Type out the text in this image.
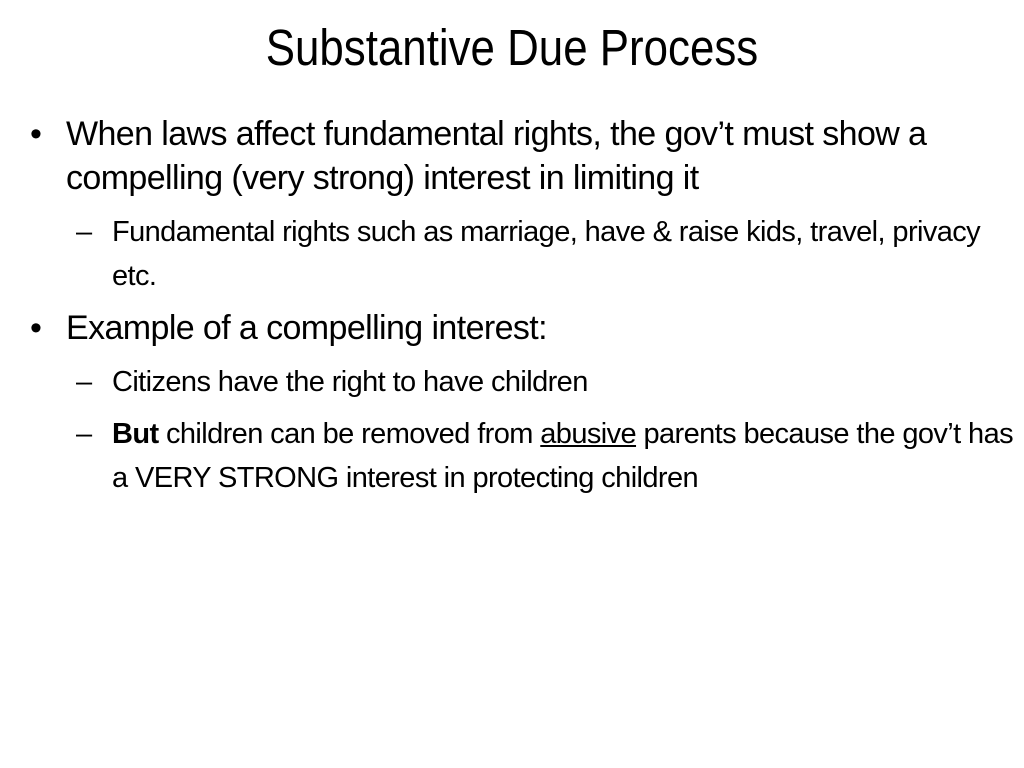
Substantive Due Process
• When laws affect fundamental rights, the gov’t must show a compelling (very strong) interest in limiting it
– Fundamental rights such as marriage, have & raise kids, travel, privacy etc.
• Example of a compelling interest:
– Citizens have the right to have children
– But children can be removed from abusive parents because the gov’t has a VERY STRONG interest in protecting children
